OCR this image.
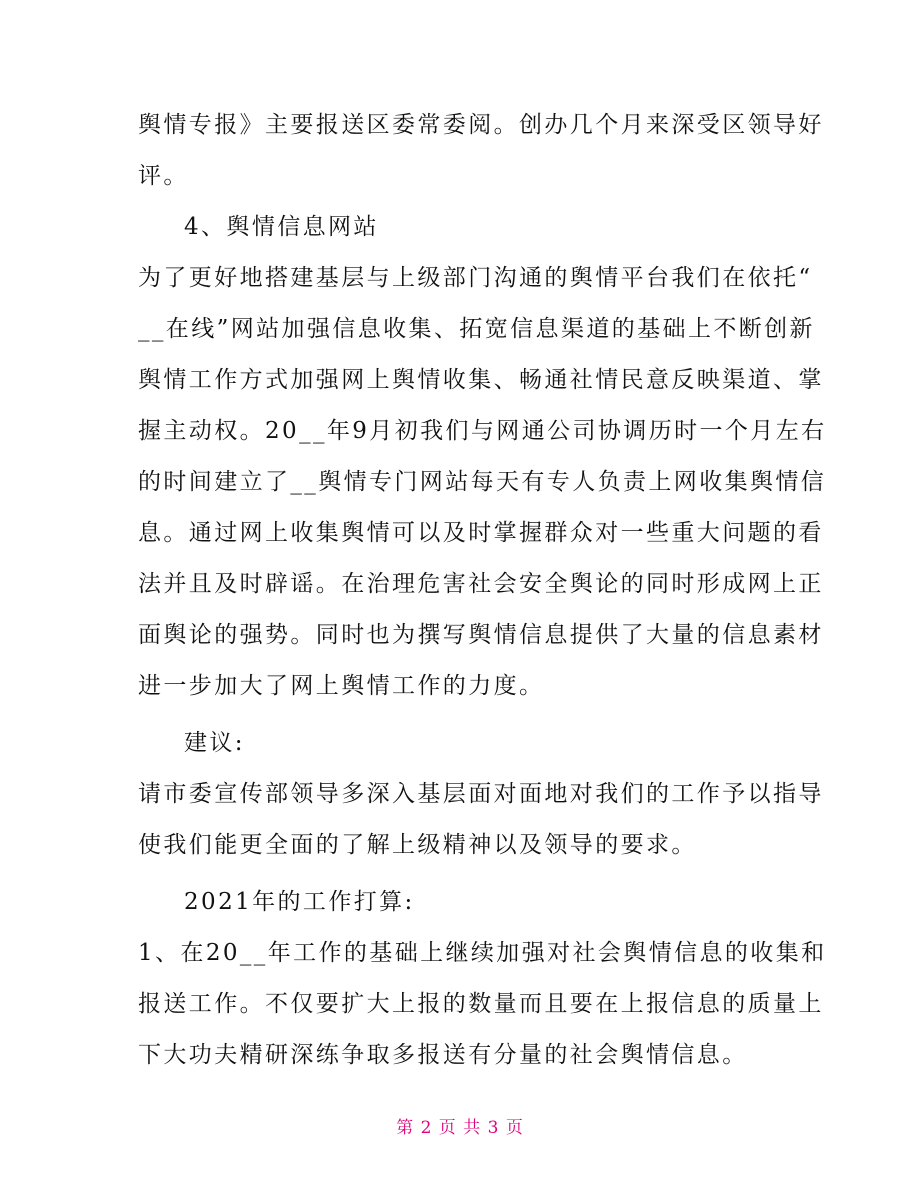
舆情专报》主要报送区委常委阅。创办几个月来深受区领导好
评。
4、舆情信息网站
为了更好地搭建基层与上级部门沟通的舆情平台我们在依托“
__在线”网站加强信息收集、拓宽信息渠道的基础上不断创新
舆情工作方式加强网上舆情收集、畅通社情民意反映渠道、掌
握主动权。20__年9月初我们与网通公司协调历时一个月左右
的时间建立了__舆情专门网站每天有专人负责上网收集舆情信
息。通过网上收集舆情可以及时掌握群众对一些重大问题的看
法并且及时辟谣。在治理危害社会安全舆论的同时形成网上正
面舆论的强势。同时也为撰写舆情信息提供了大量的信息素材
进一步加大了网上舆情工作的力度。
建议:
请市委宣传部领导多深入基层面对面地对我们的工作予以指导
使我们能更全面的了解上级精神以及领导的要求。
2021年的工作打算:
1、在20__年工作的基础上继续加强对社会舆情信息的收集和
报送工作。不仅要扩大上报的数量而且要在上报信息的质量上
下大功夫精研深练争取多报送有分量的社会舆情信息。
第 2 页 共 3 页
